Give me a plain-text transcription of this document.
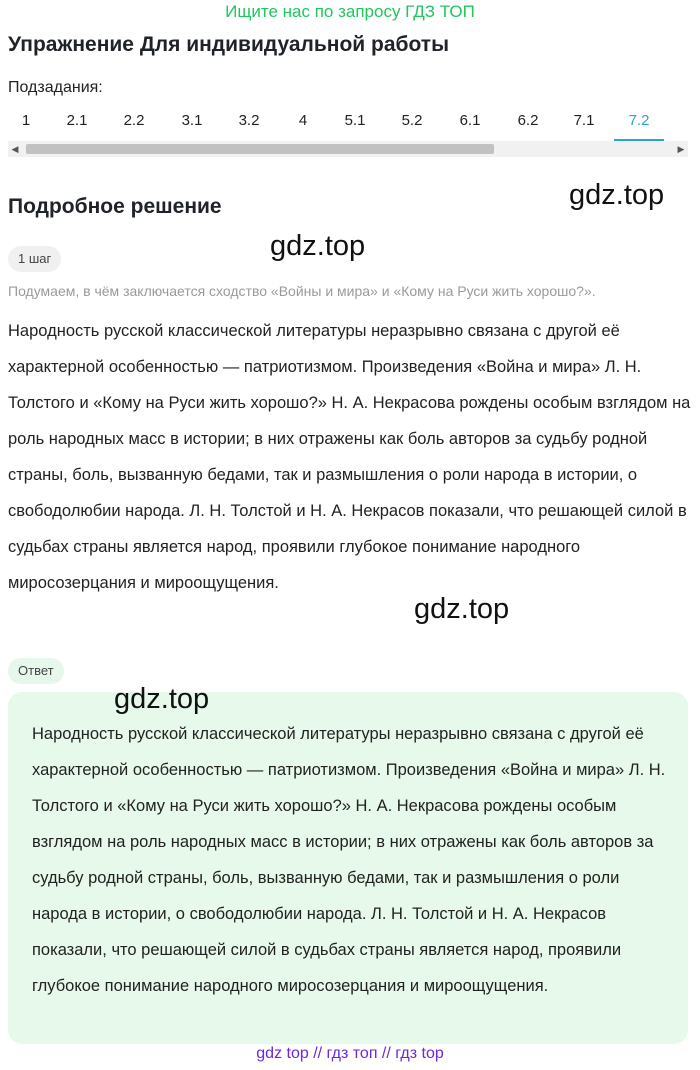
Ищите нас по запросу ГДЗ ТОП
Упражнение Для индивидуальной работы
Подзадания:
1	2.1	2.2	3.1	3.2	4	5.1	5.2	6.1	6.2	7.1	7.2
◀	▶
Подробное решение	gdz.top
gdz.top
1 шаг
Подумаем, в чём заключается сходство «Войны и мира» и «Кому на Руси жить хорошо?».
Народность русской классической литературы неразрывно связана с другой её характерной особенностью — патриотизмом. Произведения «Война и мира» Л. Н. Толстого и «Кому на Руси жить хорошо?» Н. А. Некрасова рождены особым взглядом на роль народных масс в истории; в них отражены как боль авторов за судьбу родной страны, боль, вызванную бедами, так и размышления о роли народа в истории, о свободолюбии народа. Л. Н. Толстой и Н. А. Некрасов показали, что решающей силой в судьбах страны является народ, проявили глубокое понимание народного миросозерцания и мироощущения.
gdz.top
Ответ
Народность русской классической литературы неразрывно связана с другой её характерной особенностью — патриотизмом. Произведения «Война и мира» Л. Н. Толстого и «Кому на Руси жить хорошо?» Н. А. Некрасова рождены особым взглядом на роль народных масс в истории; в них отражены как боль авторов за судьбу родной страны, боль, вызванную бедами, так и размышления о роли народа в истории, о свободолюбии народа. Л. Н. Толстой и Н. А. Некрасов показали, что решающей силой в судьбах страны является народ, проявили глубокое понимание народного миросозерцания и мироощущения.
gdz.top
gdz top // гдз топ // гдз top
